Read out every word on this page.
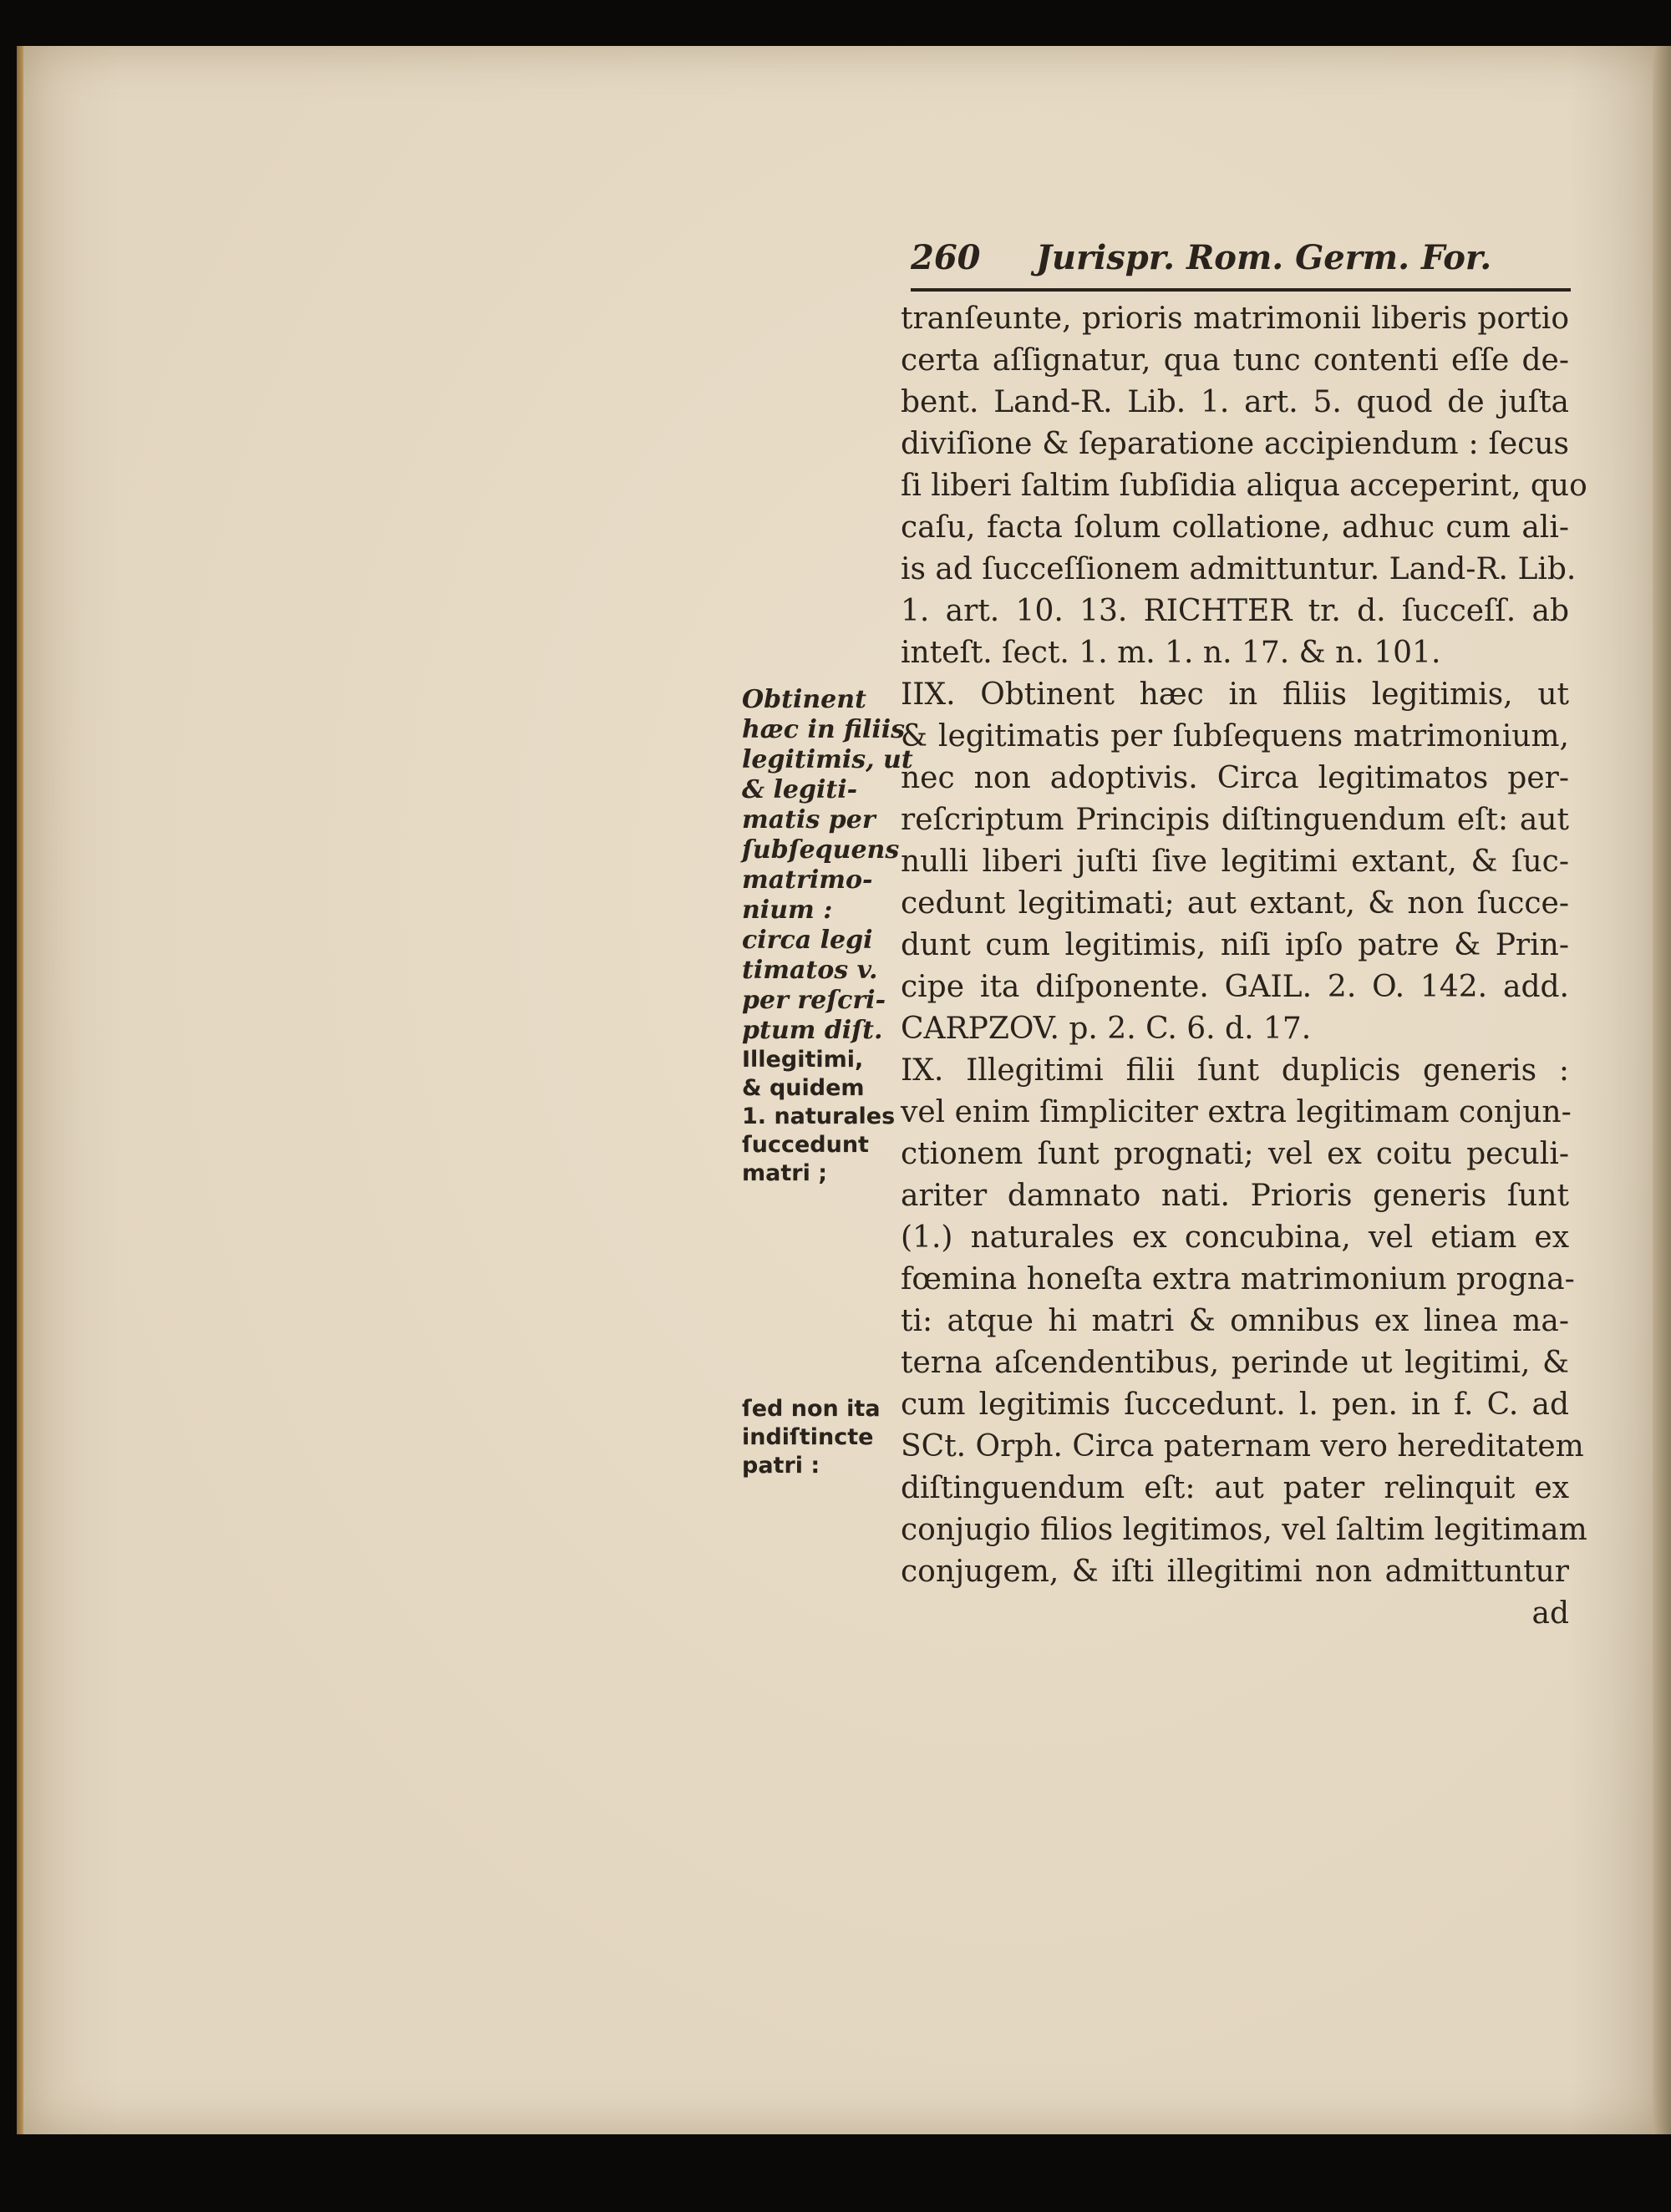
260 Jurispr. Rom. Germ. For.
tranſeunte, prioris matrimonii liberis portio
certa aſſignatur, qua tunc contenti eſſe de-
bent. Land-R. Lib. 1. art. 5. quod de juſta
diviſione & ſeparatione accipiendum : ſecus
ſi liberi ſaltim ſubſidia aliqua acceperint, quo
caſu, facta ſolum collatione, adhuc cum ali-
is ad ſucceſſionem admittuntur. Land-R. Lib.
1. art. 10. 13. RICHTER tr. d. ſucceſſ. ab
inteſt. ſect. 1. m. 1. n. 17. & n. 101.
IIX. Obtinent hæc in filiis legitimis, ut
& legitimatis per ſubſequens matrimonium,
nec non adoptivis. Circa legitimatos per-
reſcriptum Principis diſtinguendum eſt: aut
nulli liberi juſti ſive legitimi extant, & ſuc-
cedunt legitimati; aut extant, & non ſucce-
dunt cum legitimis, niſi ipſo patre & Prin-
cipe ita diſponente. GAIL. 2. O. 142. add.
CARPZOV. p. 2. C. 6. d. 17.
IX. Illegitimi filii ſunt duplicis generis :
vel enim ſimpliciter extra legitimam conjun-
ctionem ſunt prognati; vel ex coitu peculi-
ariter damnato nati. Prioris generis ſunt
(1.) naturales ex concubina, vel etiam ex
fœmina honeſta extra matrimonium progna-
ti: atque hi matri & omnibus ex linea ma-
terna aſcendentibus, perinde ut legitimi, &
cum legitimis ſuccedunt. l. pen. in f. C. ad
SCt. Orph. Circa paternam vero hereditatem
diſtinguendum eſt: aut pater relinquit ex
conjugio filios legitimos, vel ſaltim legitimam
conjugem, & iſti illegitimi non admittuntur
ad
Obtinent
hæc in filiis
legitimis, ut
& legiti-
matis per
ſubſequens
matrimo-
nium :
circa legi
timatos v.
per reſcri-
ptum diſt.
Illegitimi,
& quidem
1. naturales
ſuccedunt
matri ;
ſed non ita
indiſtincte
patri :
